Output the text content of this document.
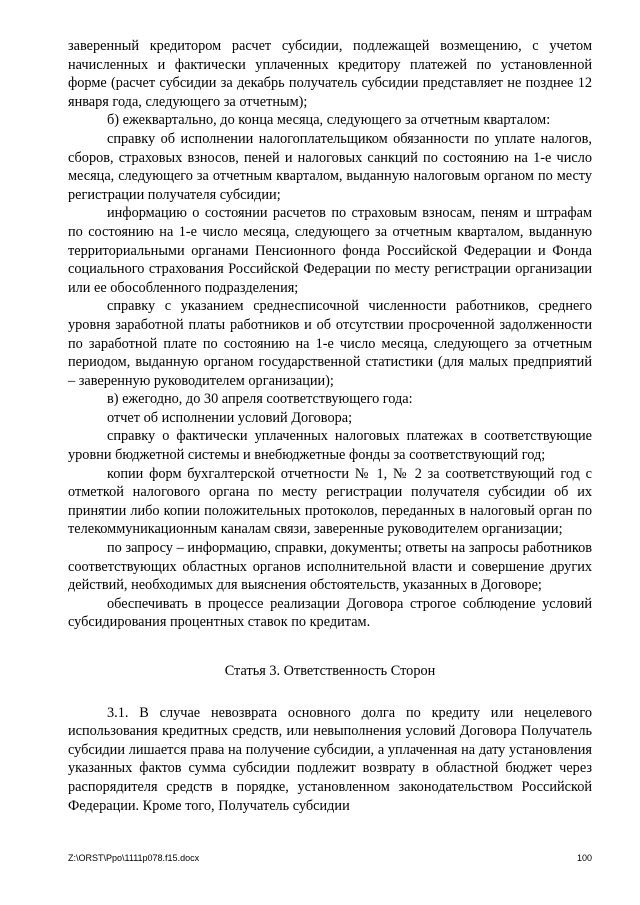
заверенный кредитором расчет субсидии, подлежащей возмещению, с учетом начисленных и фактически уплаченных кредитору платежей по установленной форме (расчет субсидии за декабрь получатель субсидии представляет не позднее 12 января года, следующего за отчетным);

б) ежеквартально, до конца месяца, следующего за отчетным кварталом:

справку об исполнении налогоплательщиком обязанности по уплате налогов, сборов, страховых взносов, пеней и налоговых санкций по состоянию на 1-е число месяца, следующего за отчетным кварталом, выданную налоговым органом по месту регистрации получателя субсидии;

информацию о состоянии расчетов по страховым взносам, пеням и штрафам по состоянию на 1-е число месяца, следующего за отчетным кварталом, выданную территориальными органами Пенсионного фонда Российской Федерации и Фонда социального страхования Российской Федерации по месту регистрации организации или ее обособленного подразделения;

справку с указанием среднесписочной численности работников, среднего уровня заработной платы работников и об отсутствии просроченной задолженности по заработной плате по состоянию на 1-е число месяца, следующего за отчетным периодом, выданную органом государственной статистики (для малых предприятий – заверенную руководителем организации);

в) ежегодно, до 30 апреля соответствующего года:

отчет об исполнении условий Договора;

справку о фактически уплаченных налоговых платежах в соответствующие уровни бюджетной системы и внебюджетные фонды за соответствующий год;

копии форм бухгалтерской отчетности № 1, № 2 за соответствующий год с отметкой налогового органа по месту регистрации получателя субсидии об их принятии либо копии положительных протоколов, переданных в налоговый орган по телекоммуникационным каналам связи, заверенные руководителем организации;

по запросу – информацию, справки, документы; ответы на запросы работников соответствующих областных органов исполнительной власти и совершение других действий, необходимых для выяснения обстоятельств, указанных в Договоре;

обеспечивать в процессе реализации Договора строгое соблюдение условий субсидирования процентных ставок по кредитам.

Статья 3. Ответственность Сторон

3.1. В случае невозврата основного долга по кредиту или нецелевого использования кредитных средств, или невыполнения условий Договора Получатель субсидии лишается права на получение субсидии, а уплаченная на дату установления указанных фактов сумма субсидии подлежит возврату в областной бюджет через распорядителя средств в порядке, установленном законодательством Российской Федерации. Кроме того, Получатель субсидии

Z:\ORST\Ppo\1111p078.f15.docx	100
